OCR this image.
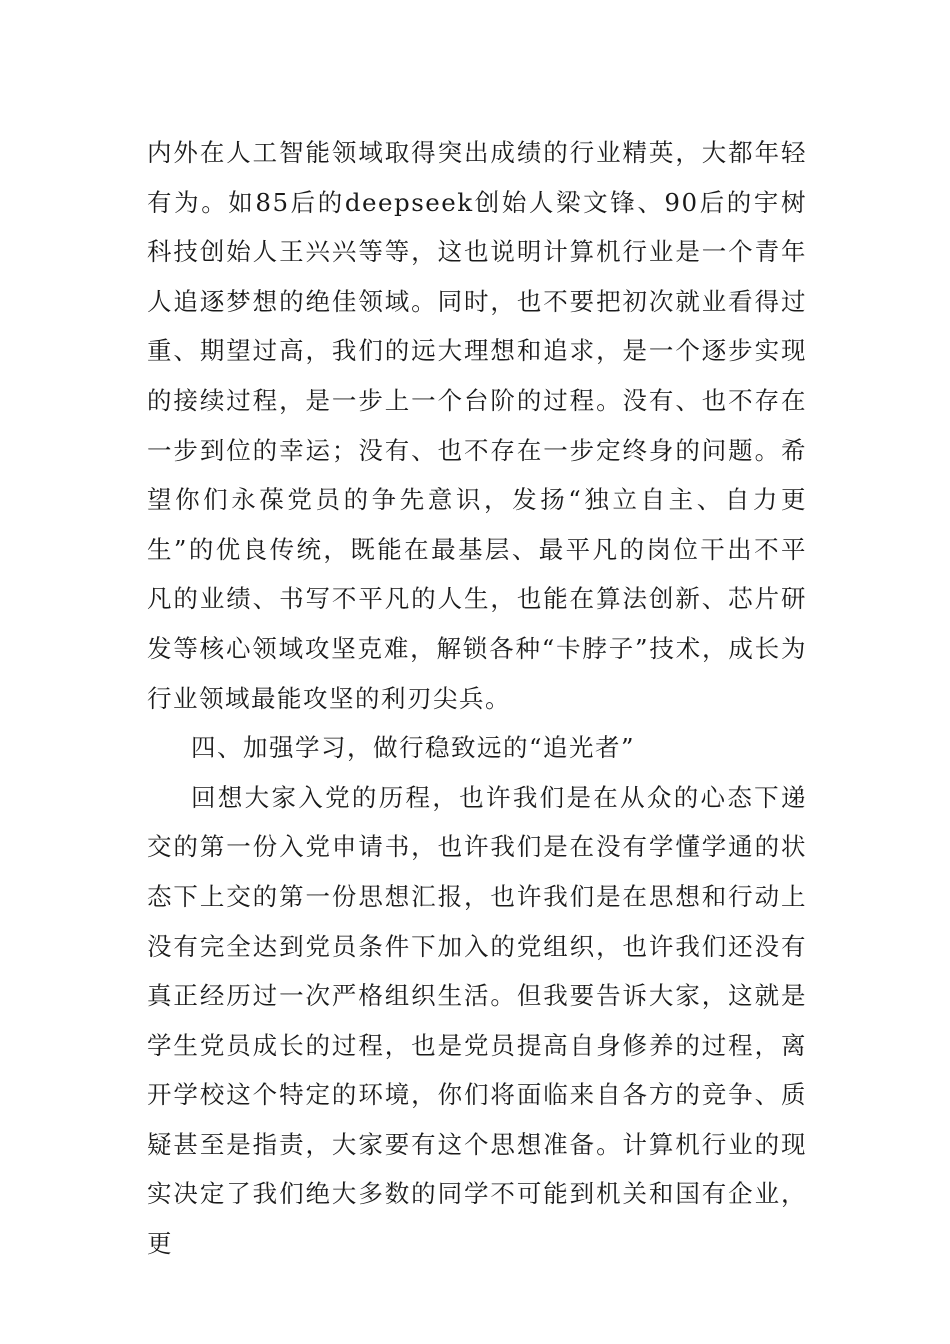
内外在人工智能领域取得突出成绩的行业精英，大都年轻有为。如85后的deepseek创始人梁文锋、90后的宇树科技创始人王兴兴等等，这也说明计算机行业是一个青年人追逐梦想的绝佳领域。同时，也不要把初次就业看得过重、期望过高，我们的远大理想和追求，是一个逐步实现的接续过程，是一步上一个台阶的过程。没有、也不存在一步到位的幸运；没有、也不存在一步定终身的问题。希望你们永葆党员的争先意识，发扬“独立自主、自力更生”的优良传统，既能在最基层、最平凡的岗位干出不平凡的业绩、书写不平凡的人生，也能在算法创新、芯片研发等核心领域攻坚克难，解锁各种“卡脖子”技术，成长为行业领域最能攻坚的利刃尖兵。

四、加强学习，做行稳致远的“追光者”

回想大家入党的历程，也许我们是在从众的心态下递交的第一份入党申请书，也许我们是在没有学懂学通的状态下上交的第一份思想汇报，也许我们是在思想和行动上没有完全达到党员条件下加入的党组织，也许我们还没有真正经历过一次严格组织生活。但我要告诉大家，这就是学生党员成长的过程，也是党员提高自身修养的过程，离开学校这个特定的环境，你们将面临来自各方的竞争、质疑甚至是指责，大家要有这个思想准备。计算机行业的现实决定了我们绝大多数的同学不可能到机关和国有企业，更
